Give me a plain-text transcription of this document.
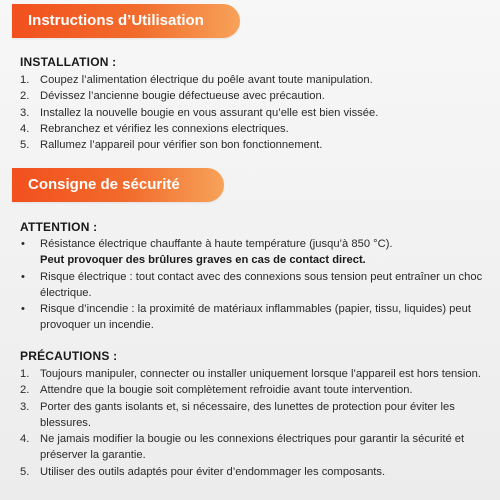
Instructions d’Utilisation
INSTALLATION :
1. Coupez l’alimentation électrique du poêle avant toute manipulation.
2. Dévissez l’ancienne bougie défectueuse avec précaution.
3. Installez la nouvelle bougie en vous assurant qu’elle est bien vissée.
4. Rebranchez et vérifiez les connexions electriques.
5. Rallumez l’appareil pour vérifier son bon fonctionnement.
Consigne de sécurité
ATTENTION :
• Résistance électrique chauffante à haute température (jusqu’à 850 °C).
Peut provoquer des brûlures graves en cas de contact direct.
• Risque électrique : tout contact avec des connexions sous tension peut entraîner un choc électrique.
• Risque d’incendie : la proximité de matériaux inflammables (papier, tissu, liquides) peut provoquer un incendie.
PRÉCAUTIONS :
1. Toujours manipuler, connecter ou installer uniquement lorsque l’appareil est hors tension.
2. Attendre que la bougie soit complètement refroidie avant toute intervention.
3. Porter des gants isolants et, si nécessaire, des lunettes de protection pour éviter les blessures.
4. Ne jamais modifier la bougie ou les connexions électriques pour garantir la sécurité et préserver la garantie.
5. Utiliser des outils adaptés pour éviter d’endommager les composants.
